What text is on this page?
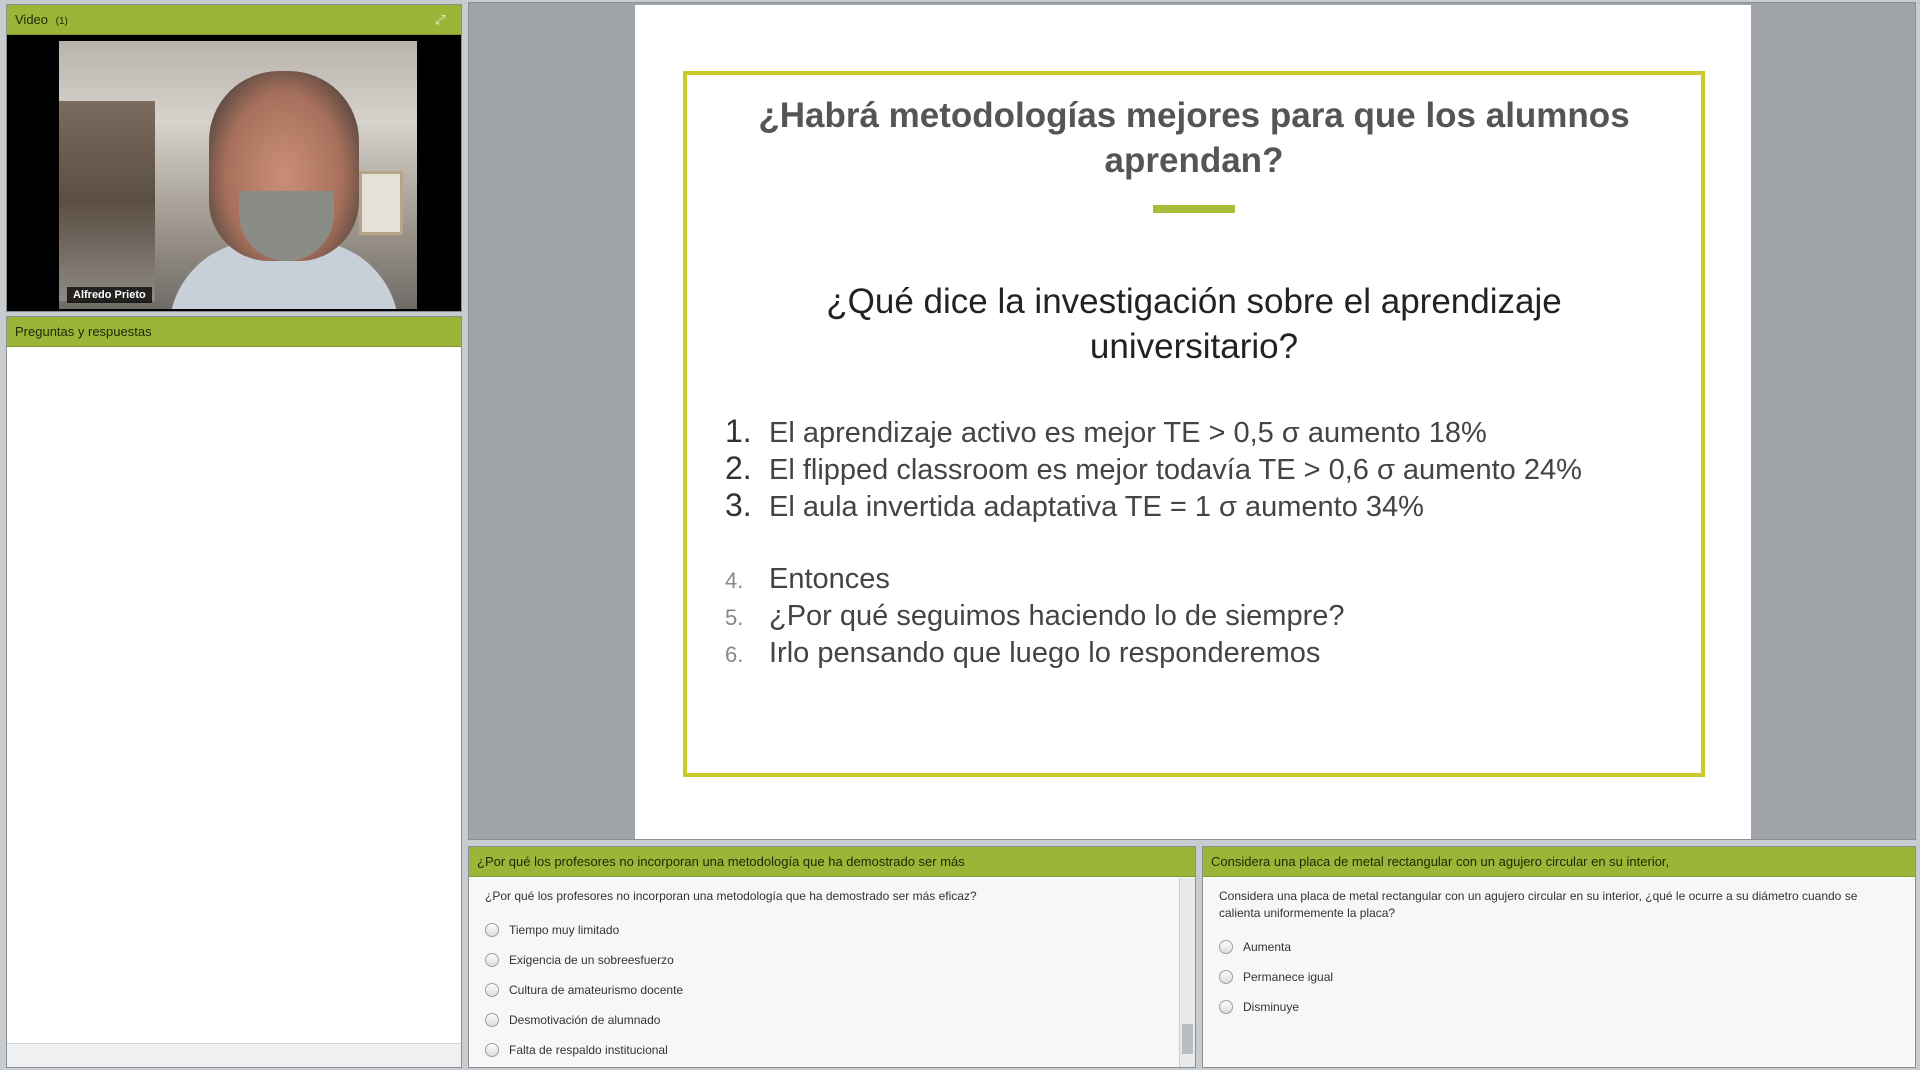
Video (1)	⤢
Alfredo Prieto
Preguntas y respuestas
¿Habrá metodologías mejores para que los alumnos aprendan?
¿Qué dice la investigación sobre el aprendizaje universitario?
1. El aprendizaje activo es mejor TE > 0,5 σ aumento 18%
2. El flipped classroom es mejor todavía TE > 0,6 σ aumento 24%
3. El aula invertida adaptativa TE = 1 σ aumento 34%
4. Entonces
5. ¿Por qué seguimos haciendo lo de siempre?
6. Irlo pensando que luego lo responderemos
¿Por qué los profesores no incorporan una metodología que ha demostrado ser más
¿Por qué los profesores no incorporan una metodología que ha demostrado ser más eficaz?
Tiempo muy limitado
Exigencia de un sobreesfuerzo
Cultura de amateurismo docente
Desmotivación de alumnado
Falta de respaldo institucional
Considera una placa de metal rectangular con un agujero circular en su interior,
Considera una placa de metal rectangular con un agujero circular en su interior, ¿qué le ocurre a su diámetro cuando se calienta uniformemente la placa?
Aumenta
Permanece igual
Disminuye
